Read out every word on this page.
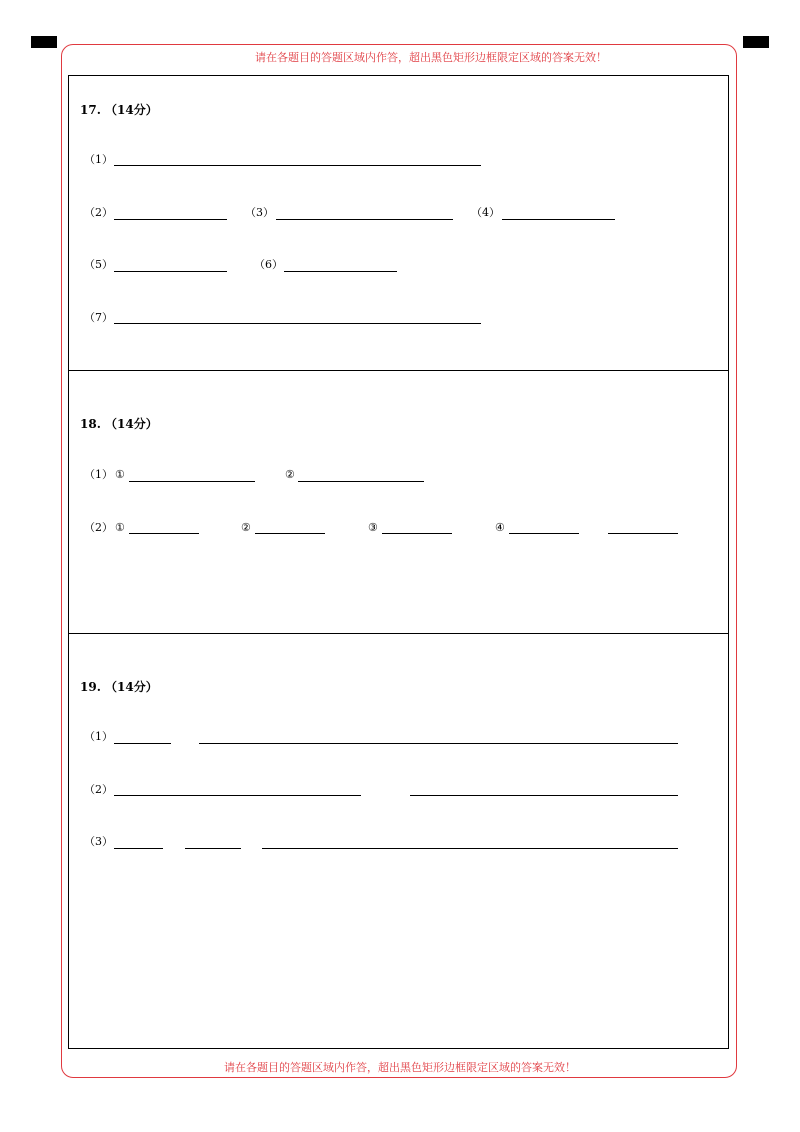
请在各题目的答题区域内作答，超出黑色矩形边框限定区域的答案无效！
17. （14分）
（1）
（2）	（3）	（4）
（5）	（6）
（7）
18. （14分）
（1） ①	②
（2） ①	②	③	④
19. （14分）
（1）
（2）
（3）
请在各题目的答题区域内作答，超出黑色矩形边框限定区域的答案无效！
